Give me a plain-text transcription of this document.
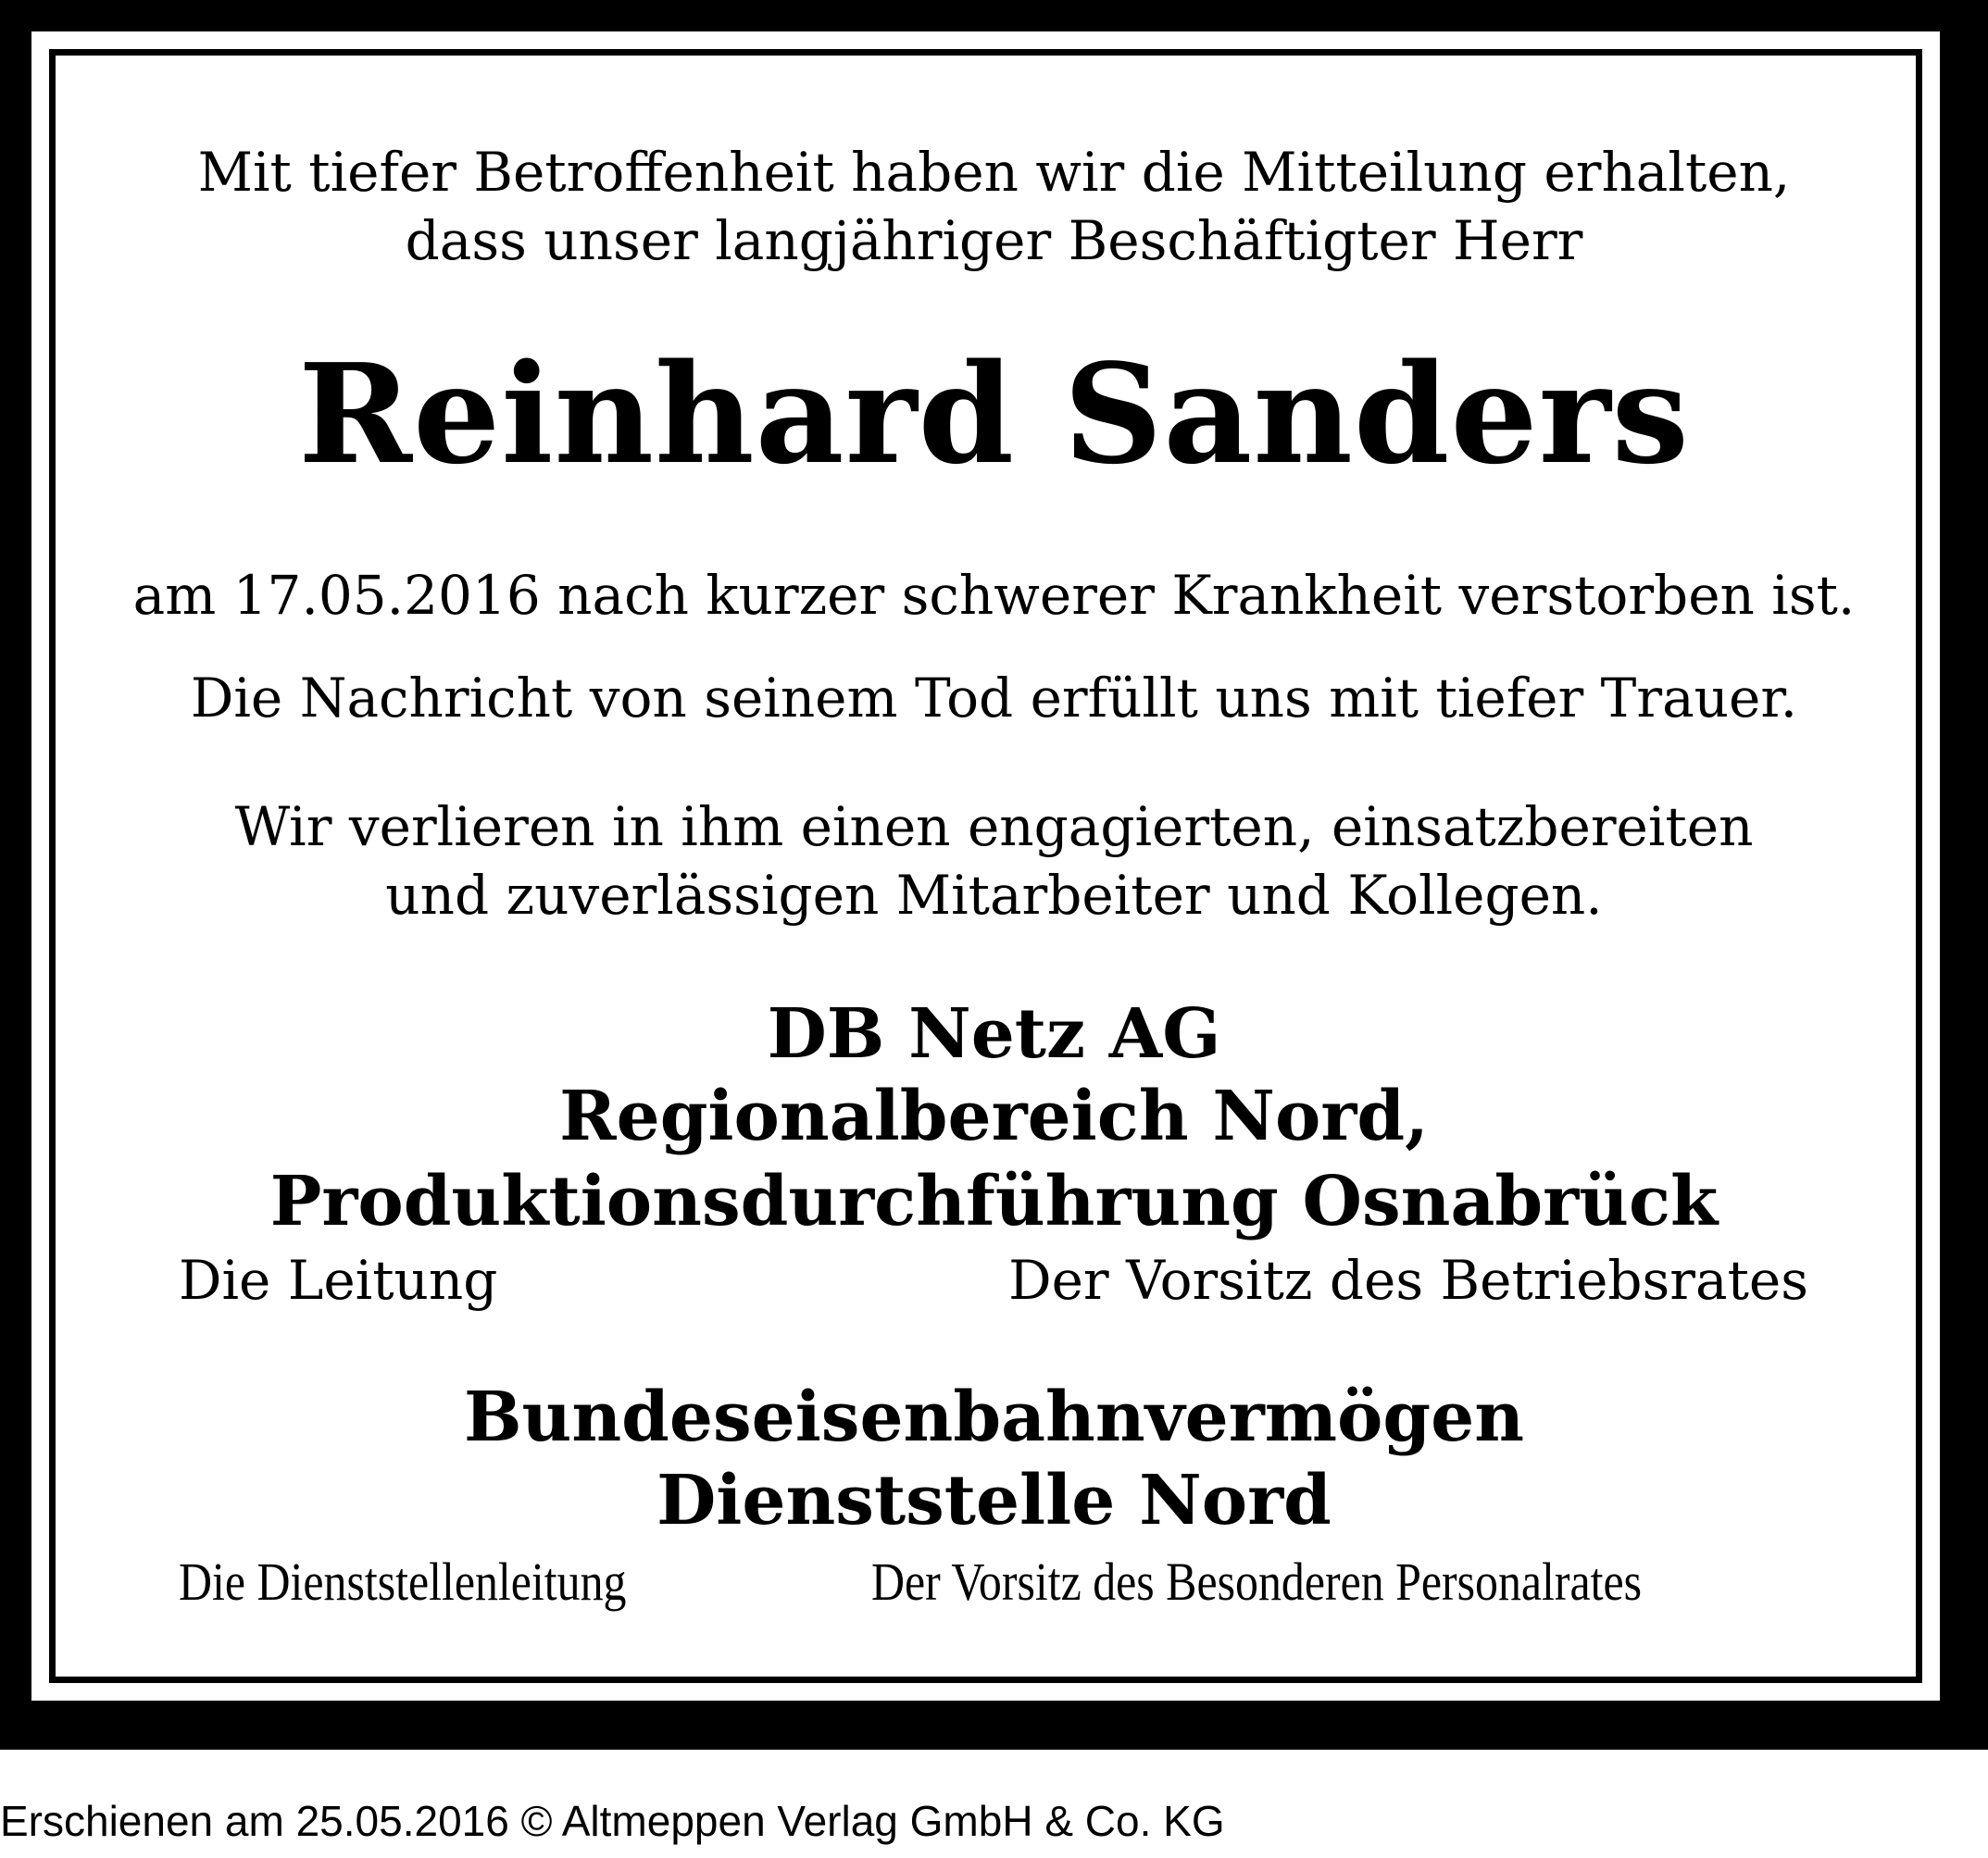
Mit tiefer Betroffenheit haben wir die Mitteilung erhalten,
dass unser langjähriger Beschäftigter Herr
Reinhard Sanders
am 17.05.2016 nach kurzer schwerer Krankheit verstorben ist.
Die Nachricht von seinem Tod erfüllt uns mit tiefer Trauer.
Wir verlieren in ihm einen engagierten, einsatzbereiten
und zuverlässigen Mitarbeiter und Kollegen.
DB Netz AG
Regionalbereich Nord,
Produktionsdurchführung Osnabrück
Die Leitung	Der Vorsitz des Betriebsrates
Bundeseisenbahnvermögen
Dienststelle Nord
Die Dienststellenleitung	Der Vorsitz des Besonderen Personalrates
Erschienen am 25.05.2016 © Altmeppen Verlag GmbH & Co. KG
